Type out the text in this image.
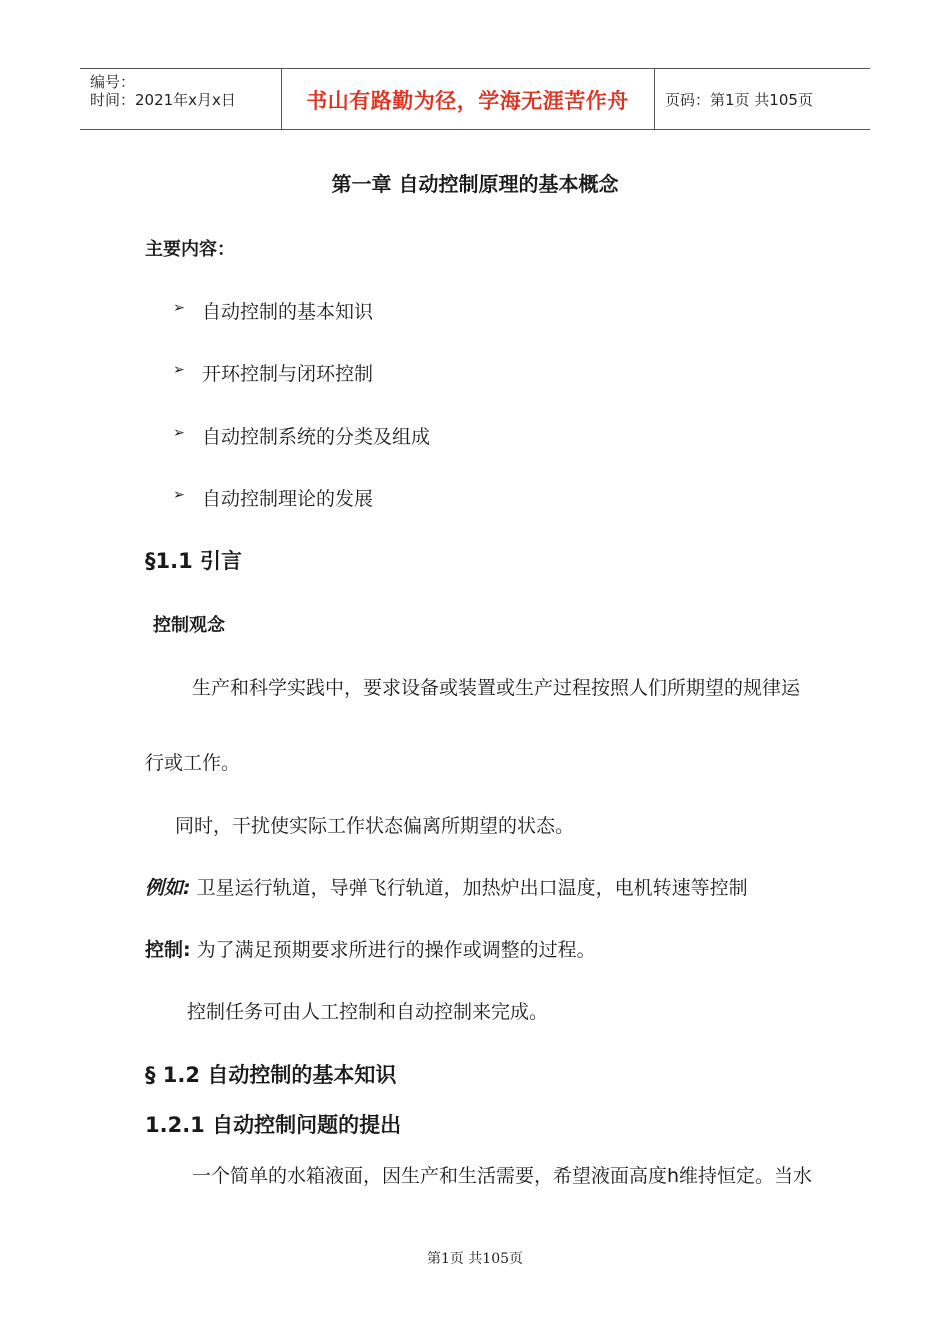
编号：
时间：2021年x月x日	书山有路勤为径，学海无涯苦作舟	页码：第1页 共105页
第一章 自动控制原理的基本概念
主要内容：
➢ 自动控制的基本知识
➢ 开环控制与闭环控制
➢ 自动控制系统的分类及组成
➢ 自动控制理论的发展
§1.1 引言
控制观念
生产和科学实践中，要求设备或装置或生产过程按照人们所期望的规律运
行或工作。
同时，干扰使实际工作状态偏离所期望的状态。
例如: 卫星运行轨道，导弹飞行轨道，加热炉出口温度，电机转速等控制
控制: 为了满足预期要求所进行的操作或调整的过程。
控制任务可由人工控制和自动控制来完成。
§ 1.2 自动控制的基本知识
1.2.1 自动控制问题的提出
一个简单的水箱液面，因生产和生活需要，希望液面高度h维持恒定。当水
第1页 共105页
